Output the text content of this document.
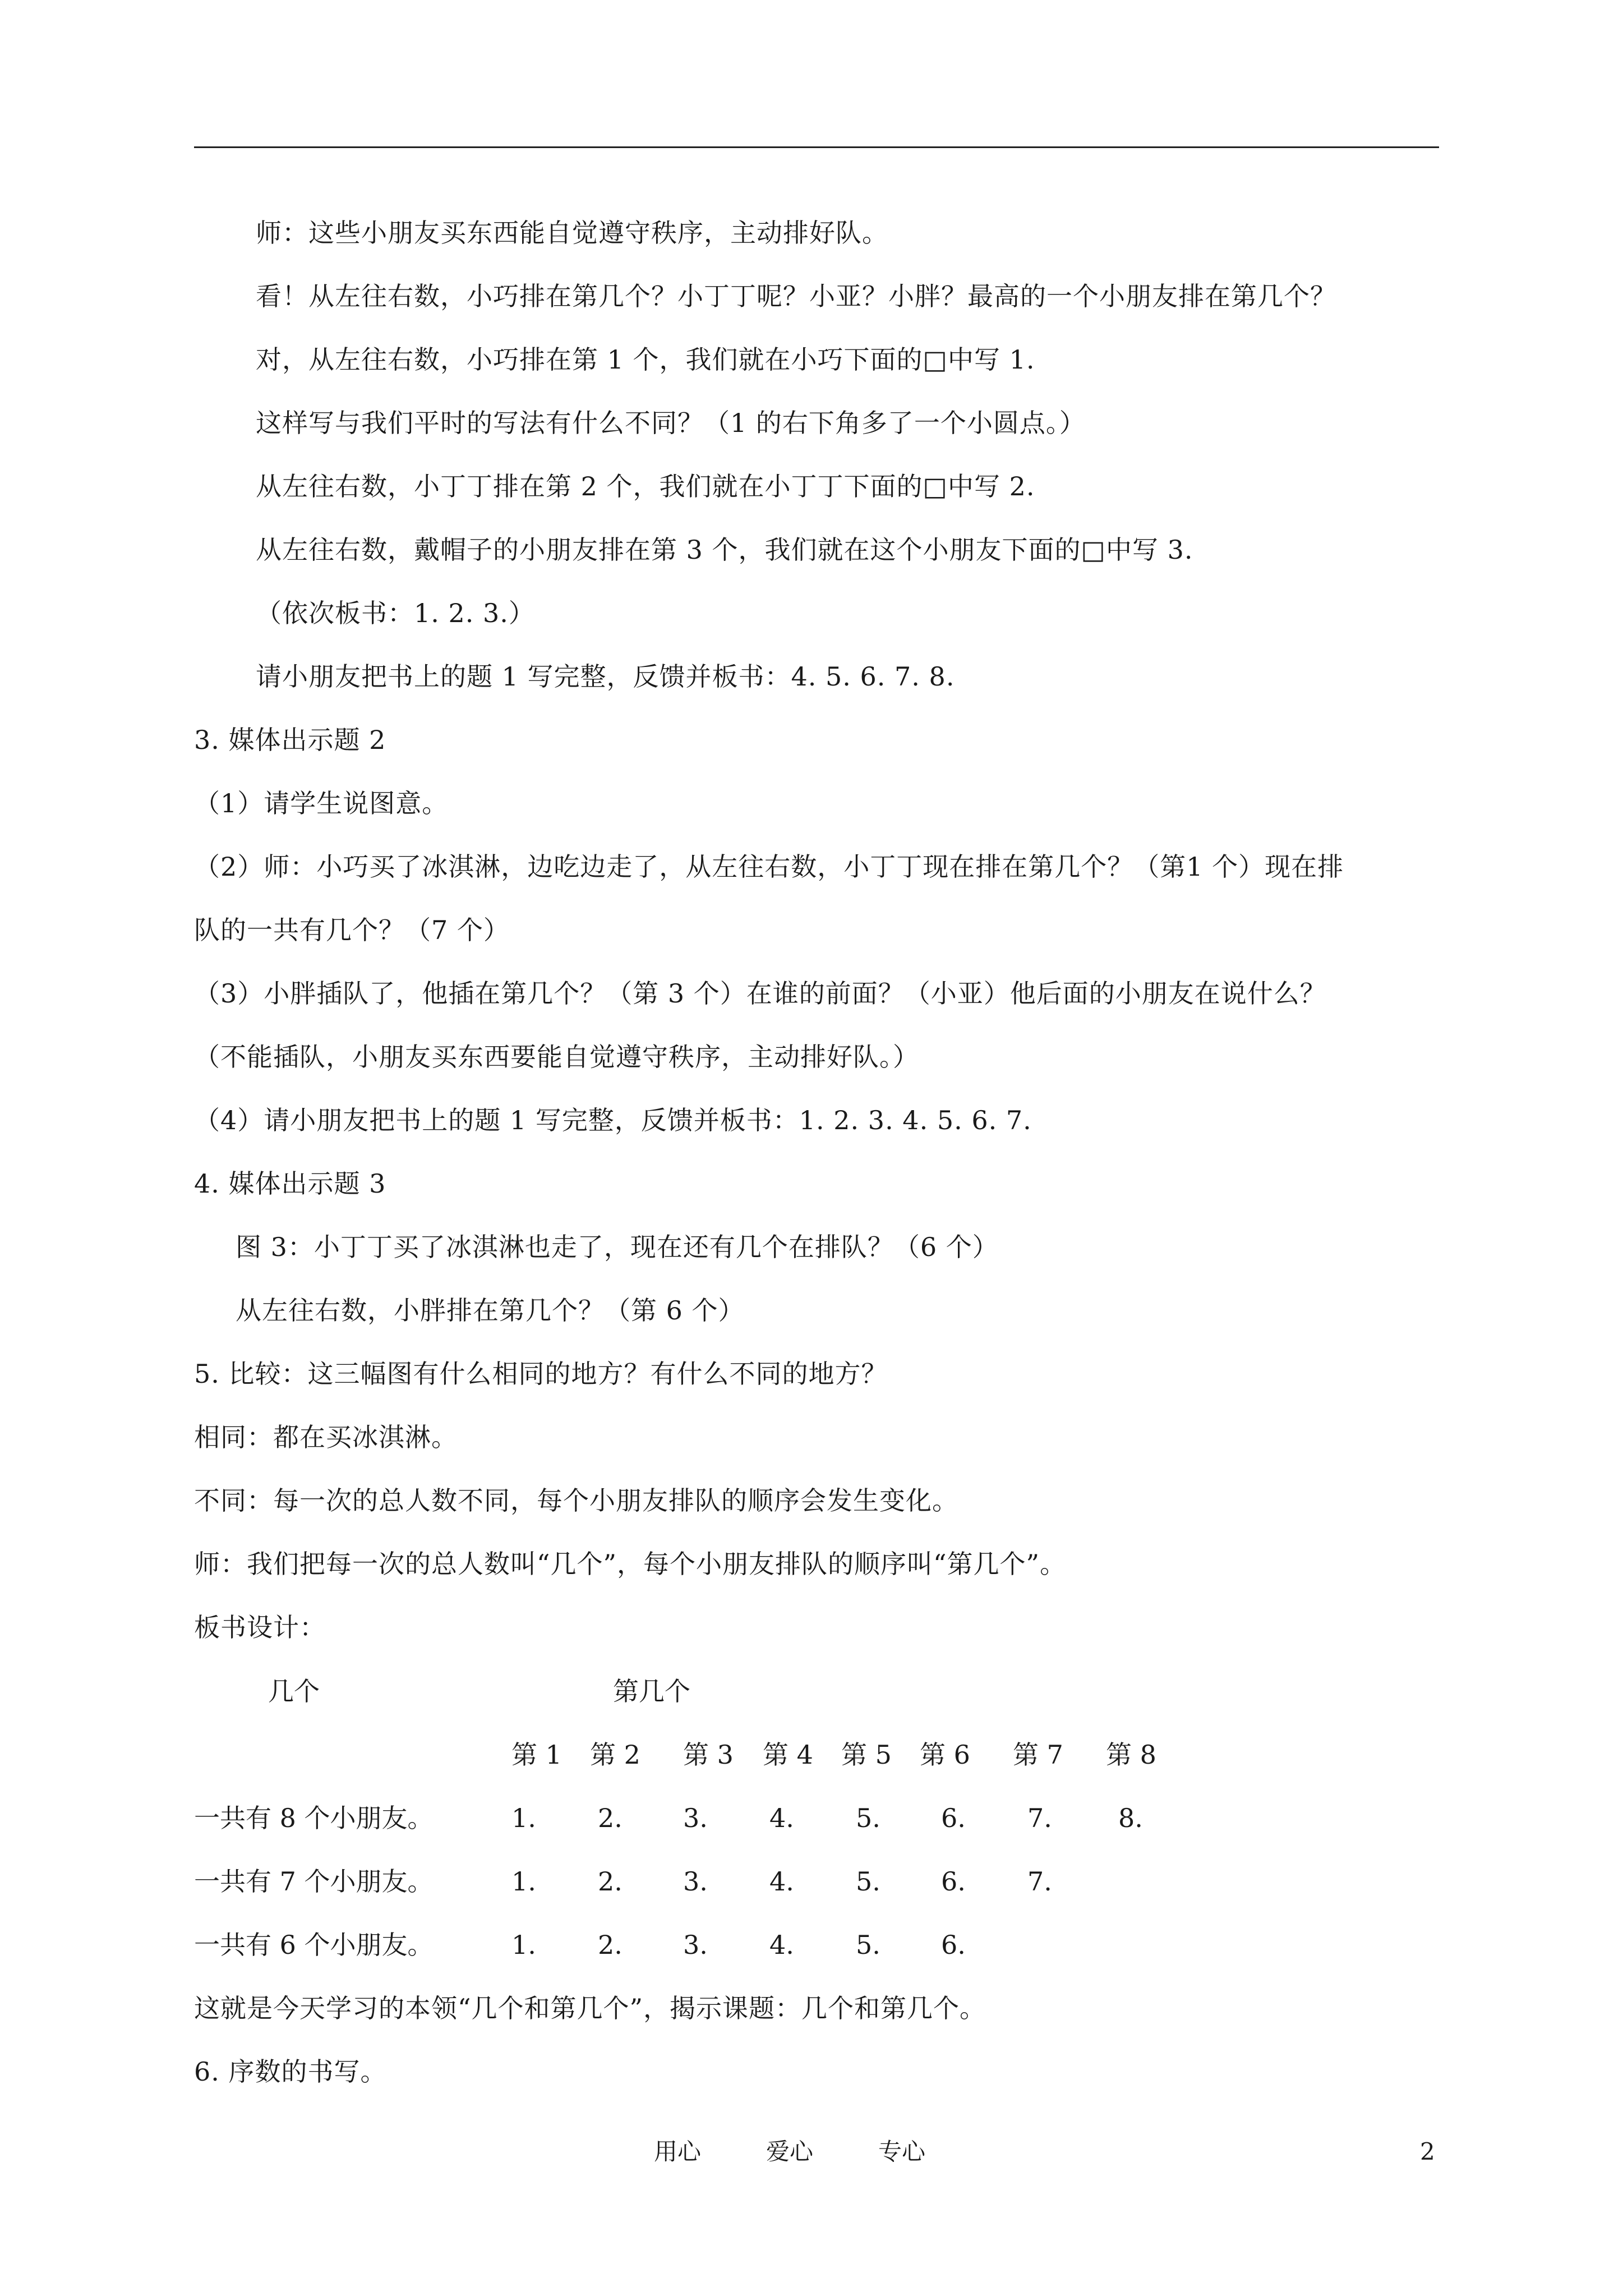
师：这些小朋友买东西能自觉遵守秩序，主动排好队。
看！从左往右数，小巧排在第几个？小丁丁呢？小亚？小胖？最高的一个小朋友排在第几个？
对，从左往右数，小巧排在第 1 个，我们就在小巧下面的□中写 1.
这样写与我们平时的写法有什么不同？（1 的右下角多了一个小圆点。）
从左往右数，小丁丁排在第 2 个，我们就在小丁丁下面的□中写 2.
从左往右数，戴帽子的小朋友排在第 3 个，我们就在这个小朋友下面的□中写 3.
（依次板书：1. 2. 3.）
请小朋友把书上的题 1 写完整，反馈并板书：4. 5. 6. 7. 8.
3. 媒体出示题 2
（1）请学生说图意。
（2）师：小巧买了冰淇淋，边吃边走了，从左往右数，小丁丁现在排在第几个？（第1 个）现在排
队的一共有几个？（7 个）
（3）小胖插队了，他插在第几个？（第 3 个）在谁的前面？（小亚）他后面的小朋友在说什么？
（不能插队，小朋友买东西要能自觉遵守秩序，主动排好队。）
（4）请小朋友把书上的题 1 写完整，反馈并板书：1. 2. 3. 4. 5. 6. 7.
4. 媒体出示题 3
图 3：小丁丁买了冰淇淋也走了，现在还有几个在排队？（6 个）
从左往右数，小胖排在第几个？（第 6 个）
5. 比较：这三幅图有什么相同的地方？有什么不同的地方？
相同：都在买冰淇淋。
不同：每一次的总人数不同，每个小朋友排队的顺序会发生变化。
师：我们把每一次的总人数叫“几个”，每个小朋友排队的顺序叫“第几个”。
板书设计：
几个	第几个
第 1 第 2 第 3 第 4 第 5 第 6 第 7 第 8
一共有 8 个小朋友。	1. 2. 3. 4. 5. 6. 7.	8.
一共有 7 个小朋友。	1. 2. 3. 4. 5. 6. 7.
一共有 6 个小朋友。	1. 2. 3. 4. 5. 6.
这就是今天学习的本领“几个和第几个”，揭示课题：几个和第几个。
6. 序数的书写。
用心	爱心	专心	2
